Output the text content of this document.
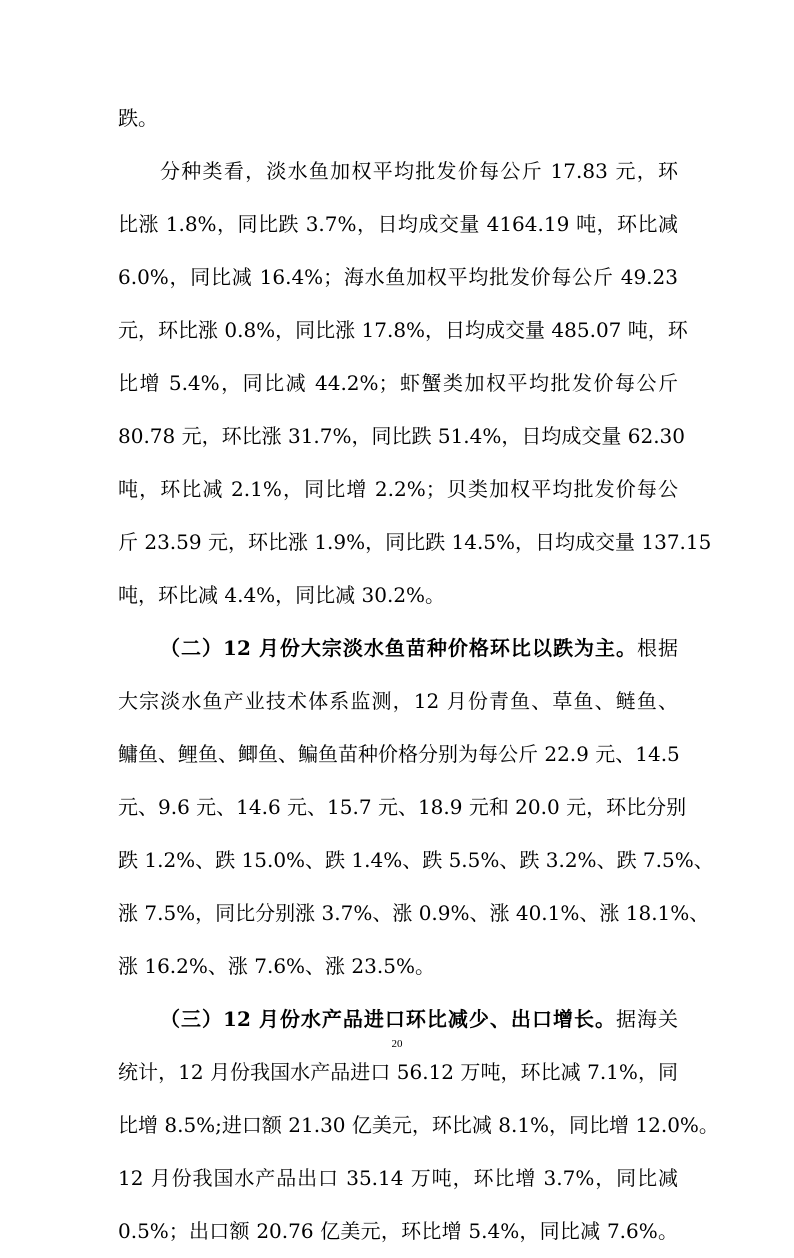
跌。
分种类看，淡水鱼加权平均批发价每公斤 17.83 元，环
比涨 1.8%，同比跌 3.7%，日均成交量 4164.19 吨，环比减
6.0%，同比减 16.4%；海水鱼加权平均批发价每公斤 49.23
元，环比涨 0.8%，同比涨 17.8%，日均成交量 485.07 吨，环
比增 5.4%，同比减 44.2%；虾蟹类加权平均批发价每公斤
80.78 元，环比涨 31.7%，同比跌 51.4%，日均成交量 62.30
吨，环比减 2.1%，同比增 2.2%；贝类加权平均批发价每公
斤 23.59 元，环比涨 1.9%，同比跌 14.5%，日均成交量 137.15
吨，环比减 4.4%，同比减 30.2%。
（二）12 月份大宗淡水鱼苗种价格环比以跌为主。根据
大宗淡水鱼产业技术体系监测，12 月份青鱼、草鱼、鲢鱼、
鳙鱼、鲤鱼、鲫鱼、鳊鱼苗种价格分别为每公斤 22.9 元、14.5
元、9.6 元、14.6 元、15.7 元、18.9 元和 20.0 元，环比分别
跌 1.2%、跌 15.0%、跌 1.4%、跌 5.5%、跌 3.2%、跌 7.5%、
涨 7.5%，同比分别涨 3.7%、涨 0.9%、涨 40.1%、涨 18.1%、
涨 16.2%、涨 7.6%、涨 23.5%。
（三）12 月份水产品进口环比减少、出口增长。据海关
统计，12 月份我国水产品进口 56.12 万吨，环比减 7.1%，同
比增 8.5%;进口额 21.30 亿美元，环比减 8.1%，同比增 12.0%。
12 月份我国水产品出口 35.14 万吨，环比增 3.7%，同比减
0.5%；出口额 20.76 亿美元，环比增 5.4%，同比减 7.6%。
20
